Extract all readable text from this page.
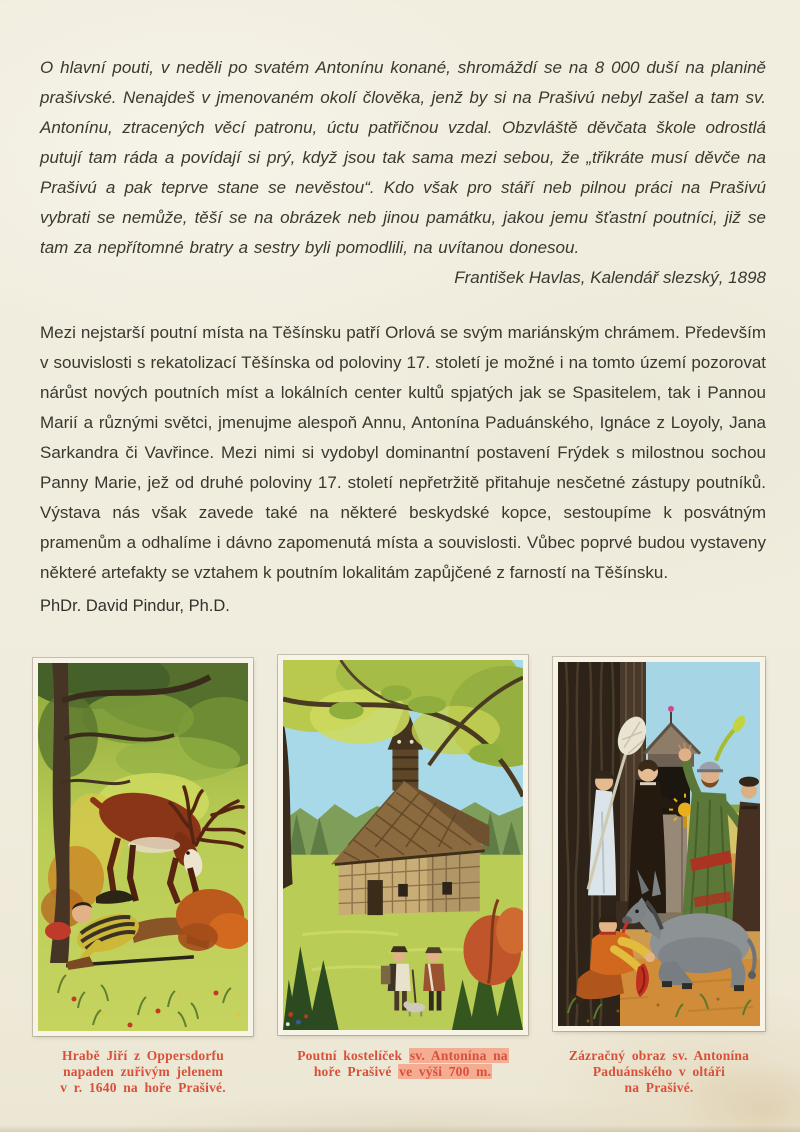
O hlavní pouti, v neděli po svatém Antonínu konané, shromáždí se na 8 000 duší na planině prašivské. Nenajdeš v jmenovaném okolí člověka, jenž by si na Prašivú nebyl zašel a tam sv. Antonínu, ztracených věcí patronu, úctu patřičnou vzdal. Obzvláště děvčata škole odrostlá putují tam ráda a povídají si prý, když jsou tak sama mezi sebou, že „třikráte musí děvče na Prašivú a pak teprve stane se nevěstou“. Kdo však pro stáří neb pilnou práci na Prašivú vybrati se nemůže, těší se na obrázek neb jinou památku, jakou jemu šťastní poutníci, již se tam za nepřítomné bratry a sestry byli pomodlili, na uvítanou donesou.

František Havlas, Kalendář slezský, 1898

Mezi nejstarší poutní místa na Těšínsku patří Orlová se svým mariánským chrámem. Především v souvislosti s rekatolizací Těšínska od poloviny 17. století je možné i na tomto území pozorovat nárůst nových poutních míst a lokálních center kultů spjatých jak se Spasitelem, tak i Pannou Marií a různými světci, jmenujme alespoň Annu, Antonína Paduánského, Ignáce z Loyoly, Jana Sarkandra či Vavřince. Mezi nimi si vydobyl dominantní postavení Frýdek s milostnou sochou Panny Marie, jež od druhé poloviny 17. století nepřetržitě přitahuje nesčetné zástupy poutníků. Výstava nás však zavede také na některé beskydské kopce, sestoupíme k posvátným pramenům a odhalíme i dávno zapomenutá místa a souvislosti. Vůbec poprvé budou vystaveny některé artefakty se vztahem k poutním lokalitám zapůjčené z farností na Těšínsku.

PhDr. David Pindur, Ph.D.

Hrabě Jiří z Oppersdorfu
napaden zuřivým jelenem
v r. 1640 na hoře Prašivé.
Poutní kostelíček sv. Antonína na
hoře Prašivé ve výši 700 m.
Zázračný obraz sv. Antonína
Paduánského v oltáři
na Prašivé.
